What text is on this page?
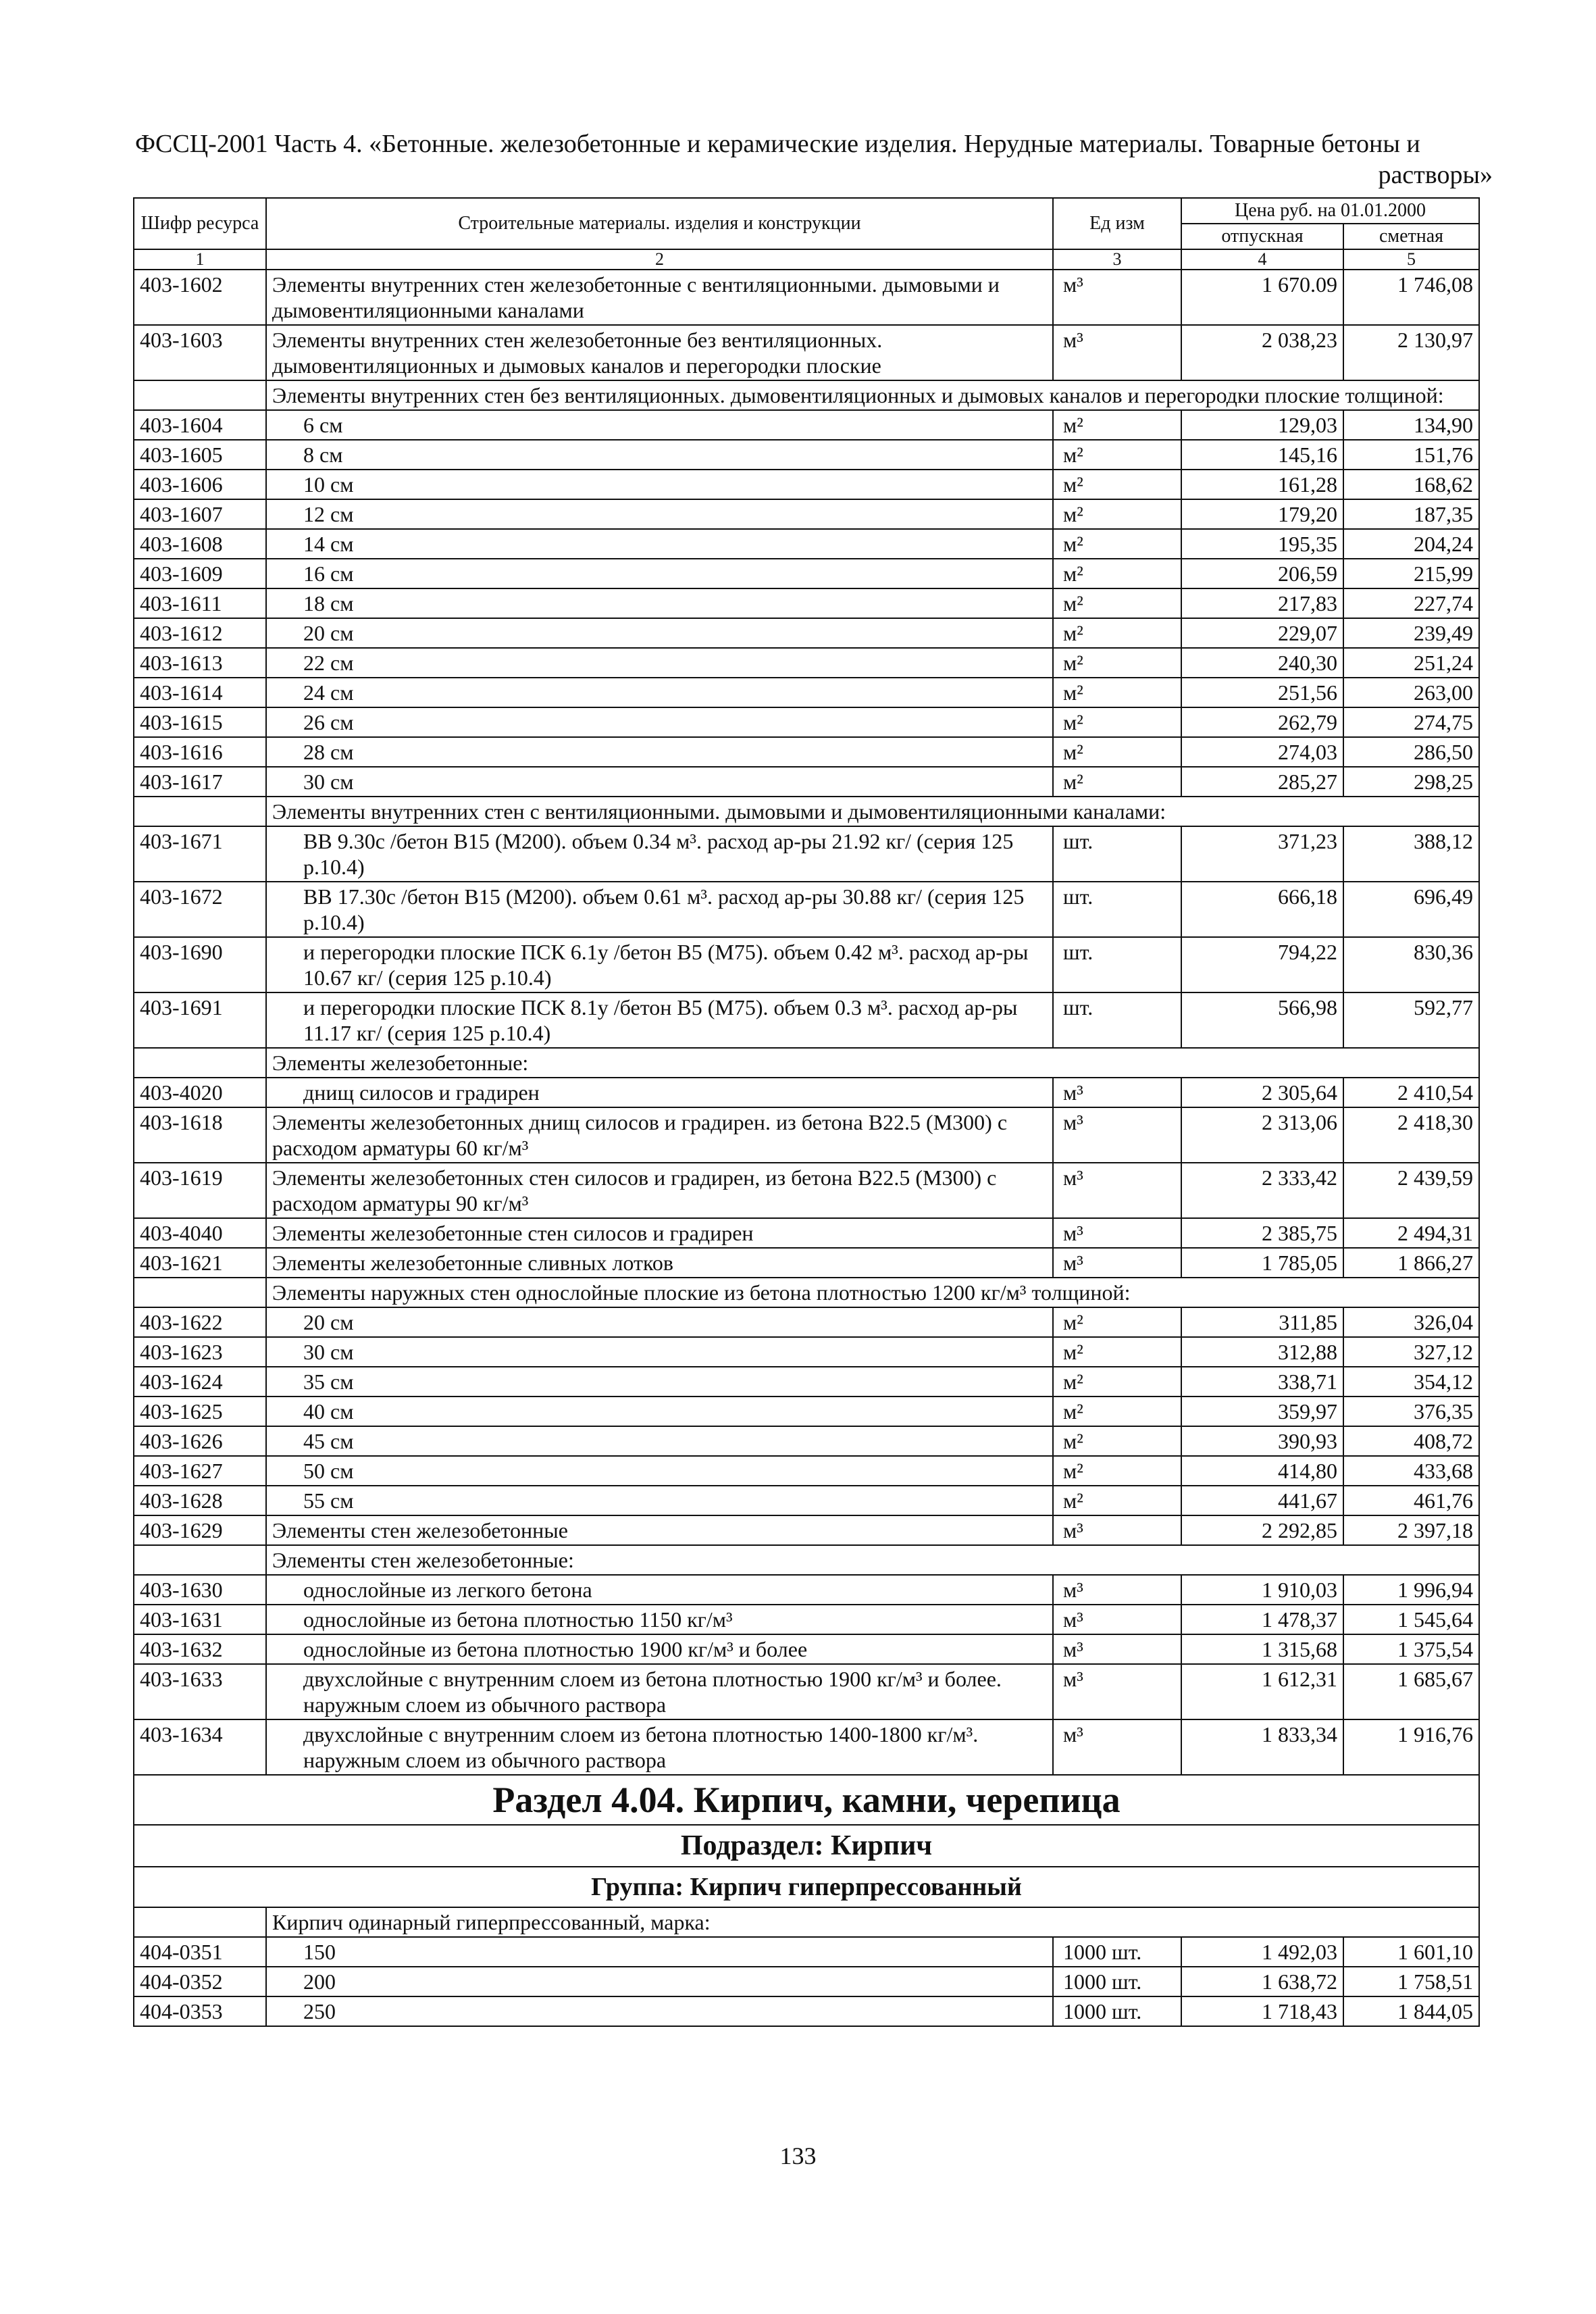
ФССЦ-2001 Часть 4. «Бетонные. железобетонные и керамические изделия. Нерудные материалы. Товарные бетоны и
растворы»
Шифр ресурса	Строительные материалы. изделия и конструкции	Ед изм	Цена руб. на 01.01.2000	
			отпускная	сметная
1	2	3	4	5
403-1602	Элементы внутренних стен железобетонные с вентиляционными. дымовыми и дымовентиляционными каналами	м³	1 670.09	1 746,08
403-1603	Элементы внутренних стен железобетонные без вентиляционных. дымовентиляционных и дымовых каналов и перегородки плоские	м³	2 038,23	2 130,97
	Элементы внутренних стен без вентиляционных. дымовентиляционных и дымовых каналов и перегородки плоские толщиной:			
403-1604	6 см	м²	129,03	134,90
403-1605	8 см	м²	145,16	151,76
403-1606	10 см	м²	161,28	168,62
403-1607	12 см	м²	179,20	187,35
403-1608	14 см	м²	195,35	204,24
403-1609	16 см	м²	206,59	215,99
403-1611	18 см	м²	217,83	227,74
403-1612	20 см	м²	229,07	239,49
403-1613	22 см	м²	240,30	251,24
403-1614	24 см	м²	251,56	263,00
403-1615	26 см	м²	262,79	274,75
403-1616	28 см	м²	274,03	286,50
403-1617	30 см	м²	285,27	298,25
	Элементы внутренних стен с вентиляционными. дымовыми и дымовентиляционными каналами:			
403-1671	ВВ 9.30с /бетон В15 (М200). объем 0.34 м³. расход ар-ры 21.92 кг/ (серия 125 р.10.4)	шт.	371,23	388,12
403-1672	ВВ 17.30с /бетон В15 (М200). объем 0.61 м³. расход ар-ры 30.88 кг/ (серия 125 р.10.4)	шт.	666,18	696,49
403-1690	и перегородки плоские ПСК 6.1у /бетон В5 (М75). объем 0.42 м³. расход ар-ры 10.67 кг/ (серия 125 р.10.4)	шт.	794,22	830,36
403-1691	и перегородки плоские ПСК 8.1у /бетон В5 (М75). объем 0.3 м³. расход ар-ры 11.17 кг/ (серия 125 р.10.4)	шт.	566,98	592,77
	Элементы железобетонные:			
403-4020	днищ силосов и градирен	м³	2 305,64	2 410,54
403-1618	Элементы железобетонных днищ силосов и градирен. из бетона В22.5 (М300) с расходом арматуры 60 кг/м³	м³	2 313,06	2 418,30
403-1619	Элементы железобетонных стен силосов и градирен, из бетона В22.5 (М300) с расходом арматуры 90 кг/м³	м³	2 333,42	2 439,59
403-4040	Элементы железобетонные стен силосов и градирен	м³	2 385,75	2 494,31
403-1621	Элементы железобетонные сливных лотков	м³	1 785,05	1 866,27
	Элементы наружных стен однослойные плоские из бетона плотностью 1200 кг/м³ толщиной:			
403-1622	20 см	м²	311,85	326,04
403-1623	30 см	м²	312,88	327,12
403-1624	35 см	м²	338,71	354,12
403-1625	40 см	м²	359,97	376,35
403-1626	45 см	м²	390,93	408,72
403-1627	50 см	м²	414,80	433,68
403-1628	55 см	м²	441,67	461,76
403-1629	Элементы стен железобетонные	м³	2 292,85	2 397,18
	Элементы стен железобетонные:			
403-1630	однослойные из легкого бетона	м³	1 910,03	1 996,94
403-1631	однослойные из бетона плотностью 1150 кг/м³	м³	1 478,37	1 545,64
403-1632	однослойные из бетона плотностью 1900 кг/м³ и более	м³	1 315,68	1 375,54
403-1633	двухслойные с внутренним слоем из бетона плотностью 1900 кг/м³ и более. наружным слоем из обычного раствора	м³	1 612,31	1 685,67
403-1634	двухслойные с внутренним слоем из бетона плотностью 1400-1800 кг/м³. наружным слоем из обычного раствора	м³	1 833,34	1 916,76
Раздел 4.04. Кирпич, камни, черепица				
Подраздел: Кирпич				
Группа: Кирпич гиперпрессованный				
	Кирпич одинарный гиперпрессованный, марка:			
404-0351	150	1000 шт.	1 492,03	1 601,10
404-0352	200	1000 шт.	1 638,72	1 758,51
404-0353	250	1000 шт.	1 718,43	1 844,05
133
